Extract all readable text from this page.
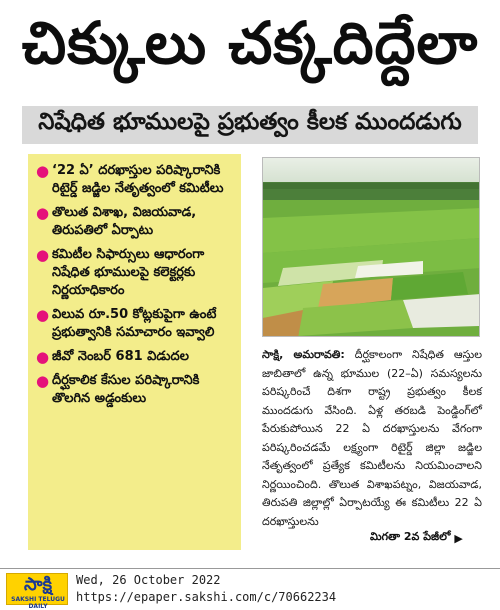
చిక్కులు చక్కదిద్దేలా
నిషేధిత భూములపై ప్రభుత్వం కీలక ముందడుగు
● ‘22 ఏ’ దరఖాస్తుల పరిష్కారానికి రిటైర్డ్ జడ్జిల నేతృత్వంలో కమిటీలు
● తొలుత విశాఖ, విజయవాడ, తిరుపతిలో ఏర్పాటు
● కమిటీల సిఫార్సులు ఆధారంగా నిషేధిత భూములపై కలెక్టర్లకు నిర్ణయాధికారం
● విలువ రూ.50 కోట్లకుపైగా ఉంటే ప్రభుత్వానికి సమాచారం ఇవ్వాలి
● జీవో నెంబర్ 681 విడుదల
● దీర్ఘకాలిక కేసుల పరిష్కారానికి తొలగిన అడ్డంకులు
సాక్షి, అమరావతి: దీర్ఘకాలంగా నిషేధిత ఆస్తుల జాబితాలో ఉన్న భూముల (22–ఏ) సమస్యలను పరిష్కరించే దిశగా రాష్ట్ర ప్రభుత్వం కీలక ముందడుగు వేసింది. ఏళ్ల తరబడి పెండ్డింగ్‌లో పేరుకుపోయిన 22 ఏ దరఖాస్తులను వేగంగా పరిష్కరించడమే లక్ష్యంగా రిటైర్డ్ జిల్లా జడ్జిల నేతృత్వంలో ప్రత్యేక కమిటీలను నియమించాలని నిర్ణయించింది. తొలుత విశాఖపట్నం, విజయవాడ, తిరుపతి జిల్లాల్లో ఏర్పాటయ్యే ఈ కమిటీలు 22 ఏ దరఖాస్తులను
మిగతా 2వ పేజీలో ▶
సాక్షి
SAKSHI TELUGU DAILY
Wed, 26 October 2022
https://epaper.sakshi.com/c/70662234
